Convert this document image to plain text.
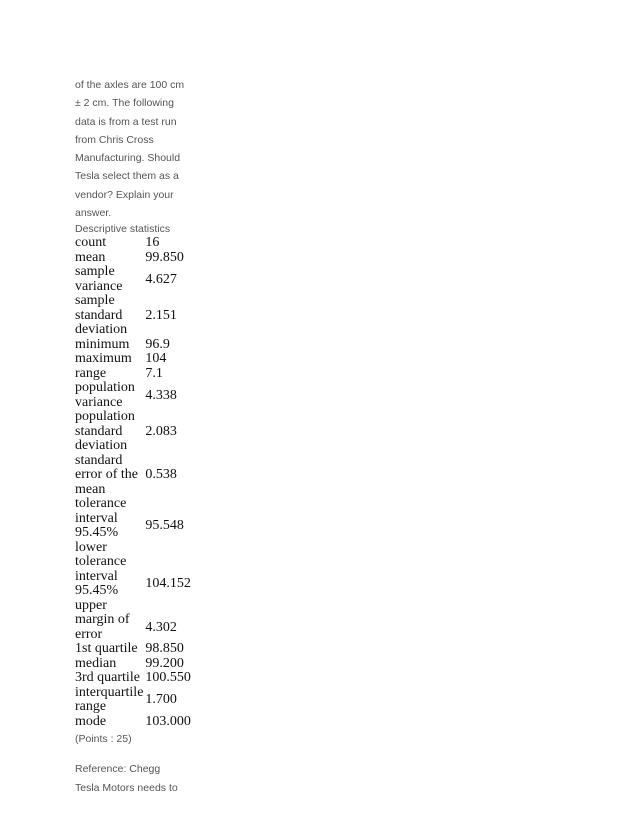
of the axles are 100 cm
± 2 cm. The following
data is from a test run
from Chris Cross
Manufacturing. Should
Tesla select them as a
vendor? Explain your
answer.

Descriptive statistics

count	16
mean	99.850
sample variance	4.627
sample standard deviation	2.151
minimum	96.9
maximum	104
range	7.1
population variance	4.338
population standard deviation	2.083
standard error of the mean	0.538
tolerance interval 95.45% lower	95.548
tolerance interval 95.45% upper	104.152
margin of error	4.302
1st quartile	98.850
median	99.200
3rd quartile	100.550
interquartile range	1.700
mode	103.000

(Points : 25)

Reference: Chegg
Tesla Motors needs to
